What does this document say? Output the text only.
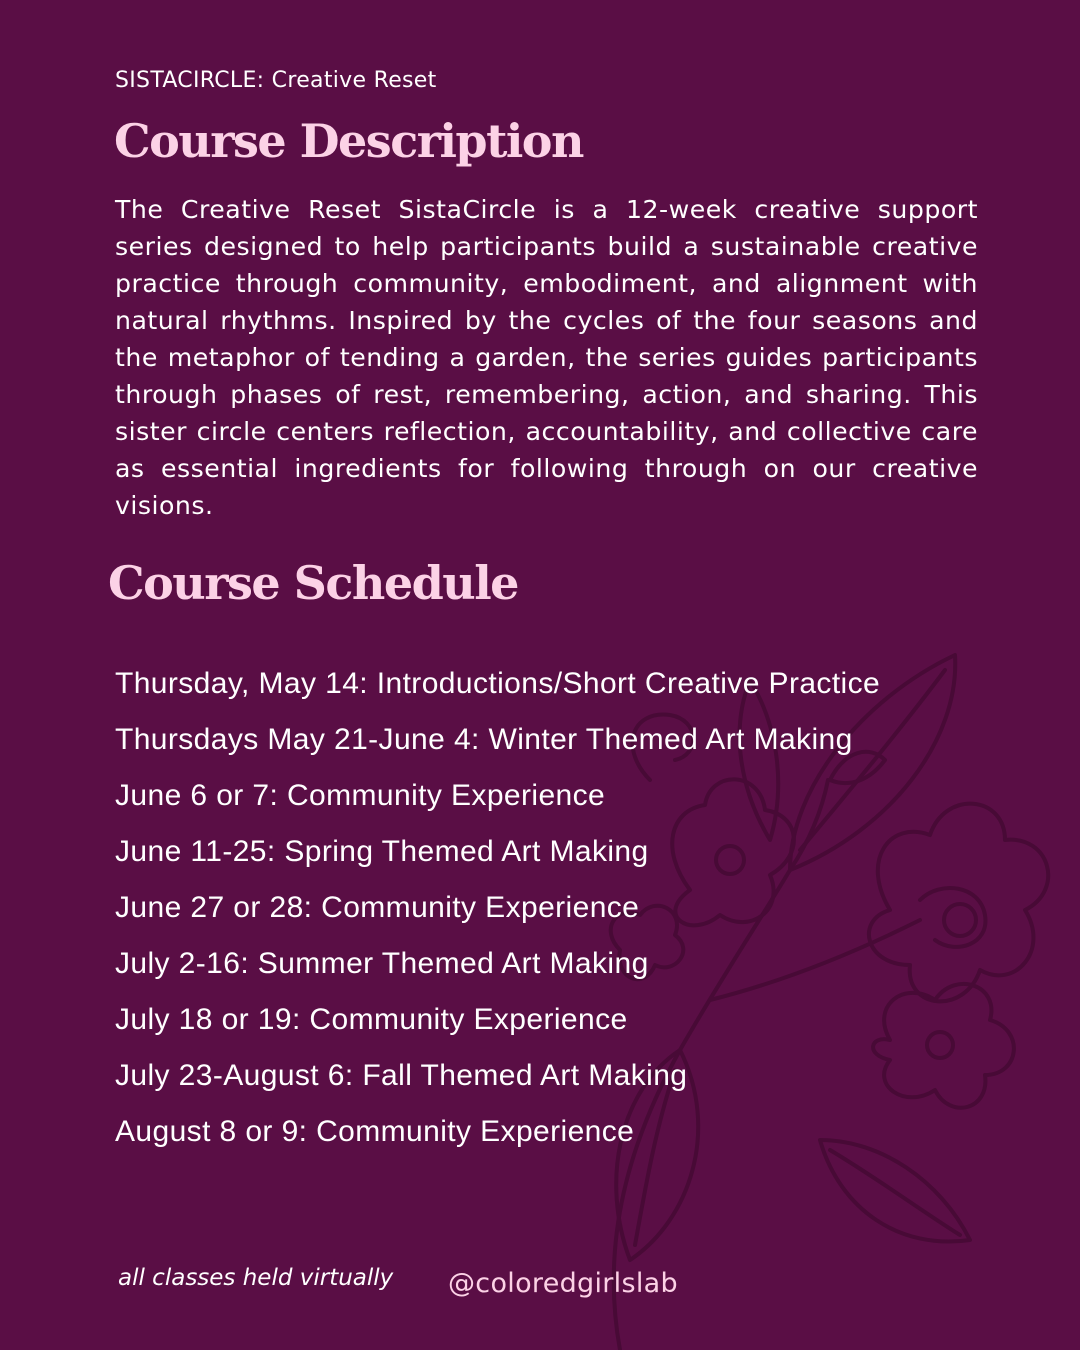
SISTACIRCLE: Creative Reset
Course Description

The Creative Reset SistaCircle is a 12-week creative support series designed to help participants build a sustainable creative practice through community, embodiment, and alignment with natural rhythms. Inspired by the cycles of the four seasons and the metaphor of tending a garden, the series guides participants through phases of rest, remembering, action, and sharing. This sister circle centers reflection, accountability, and collective care as essential ingredients for following through on our creative visions.

Course Schedule
Thursday, May 14: Introductions/Short Creative Practice
Thursdays May 21-June 4: Winter Themed Art Making
June 6 or 7: Community Experience
June 11-25: Spring Themed Art Making
June 27 or 28: Community Experience
July 2-16: Summer Themed Art Making
July 18 or 19: Community Experience
July 23-August 6: Fall Themed Art Making
August 8 or 9: Community Experience
all classes held virtually @coloredgirlslab
